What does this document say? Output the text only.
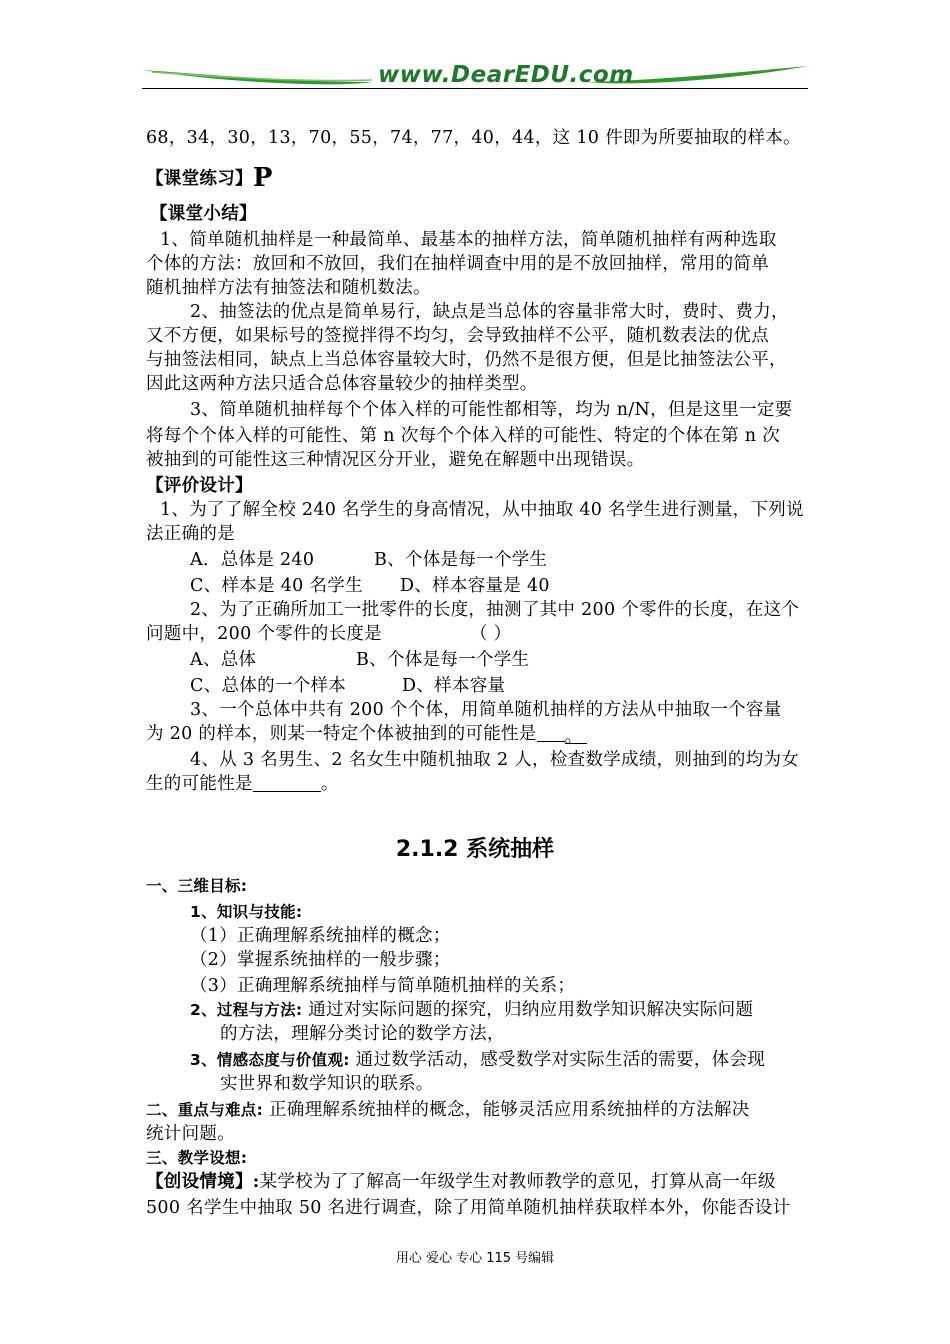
www.DearEDU.com
68，34，30，13，70，55，74，77，40，44，这 10 件即为所要抽取的样本。
【课堂练习】P
【课堂小结】
1、简单随机抽样是一种最简单、最基本的抽样方法，简单随机抽样有两种选取
个体的方法：放回和不放回，我们在抽样调查中用的是不放回抽样，常用的简单
随机抽样方法有抽签法和随机数法。
2、抽签法的优点是简单易行，缺点是当总体的容量非常大时，费时、费力，
又不方便，如果标号的签搅拌得不均匀，会导致抽样不公平，随机数表法的优点
与抽签法相同，缺点上当总体容量较大时，仍然不是很方便，但是比抽签法公平，
因此这两种方法只适合总体容量较少的抽样类型。
3、简单随机抽样每个个体入样的可能性都相等，均为 n/N，但是这里一定要
将每个个体入样的可能性、第 n 次每个个体入样的可能性、特定的个体在第 n 次
被抽到的可能性这三种情况区分开业，避免在解题中出现错误。
【评价设计】
1、为了了解全校 240 名学生的身高情况，从中抽取 40 名学生进行测量，下列说
法正确的是
A．总体是 240	B、个体是每一个学生
C、样本是 40 名学生 D、样本容量是 40
2、为了正确所加工一批零件的长度，抽测了其中 200 个零件的长度，在这个
问题中，200 个零件的长度是	（ ）
A、总体	B、个体是每一个学生
C、总体的一个样本	D、样本容量
3、一个总体中共有 200 个个体，用简单随机抽样的方法从中抽取一个容量
为 20 的样本，则某一特定个体被抽到的可能性是 。
4、从 3 名男生、2 名女生中随机抽取 2 人，检查数学成绩，则抽到的均为女
生的可能性是	。
2.1.2 系统抽样
一、三维目标:
1、知识与技能:
（1）正确理解系统抽样的概念；
（2）掌握系统抽样的一般步骤；
（3）正确理解系统抽样与简单随机抽样的关系；
2、过程与方法: 通过对实际问题的探究，归纳应用数学知识解决实际问题
的方法，理解分类讨论的数学方法，
3、情感态度与价值观: 通过数学活动，感受数学对实际生活的需要，体会现
实世界和数学知识的联系。
二、重点与难点: 正确理解系统抽样的概念，能够灵活应用系统抽样的方法解决
统计问题。
三、教学设想:
【创设情境】:某学校为了了解高一年级学生对教师教学的意见，打算从高一年级
500 名学生中抽取 50 名进行调查，除了用简单随机抽样获取样本外，你能否设计
用心 爱心 专心 115 号编辑
